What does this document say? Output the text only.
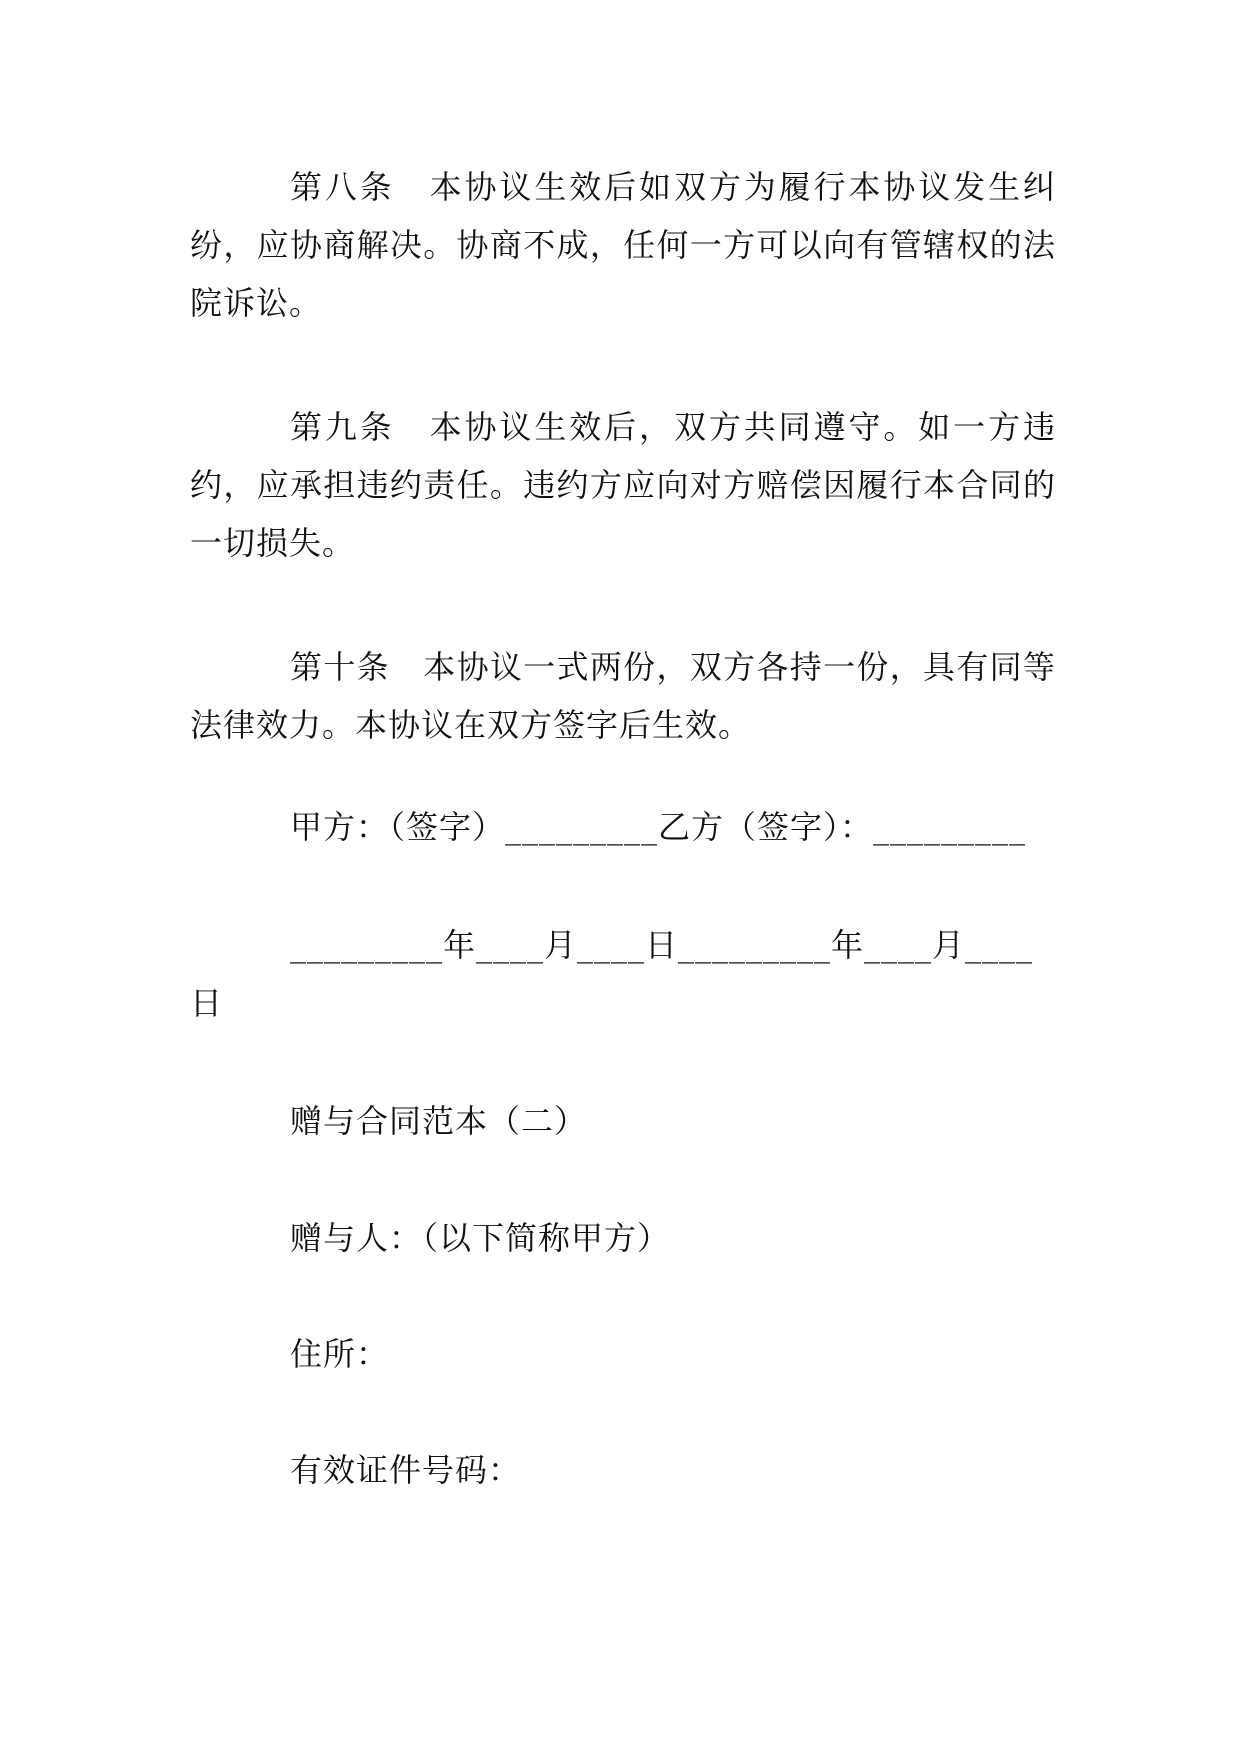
第八条　本协议生效后如双方为履行本协议发生纠纷，应协商解决。协商不成，任何一方可以向有管辖权的法院诉讼。

第九条　本协议生效后，双方共同遵守。如一方违约，应承担违约责任。违约方应向对方赔偿因履行本合同的一切损失。

第十条　本协议一式两份，双方各持一份，具有同等法律效力。本协议在双方签字后生效。

甲方：（签字）_________乙方（签字）：_________

_________年____月____日_________年____月____日

赠与合同范本（二）

赠与人：（以下简称甲方）

住所：

有效证件号码：
